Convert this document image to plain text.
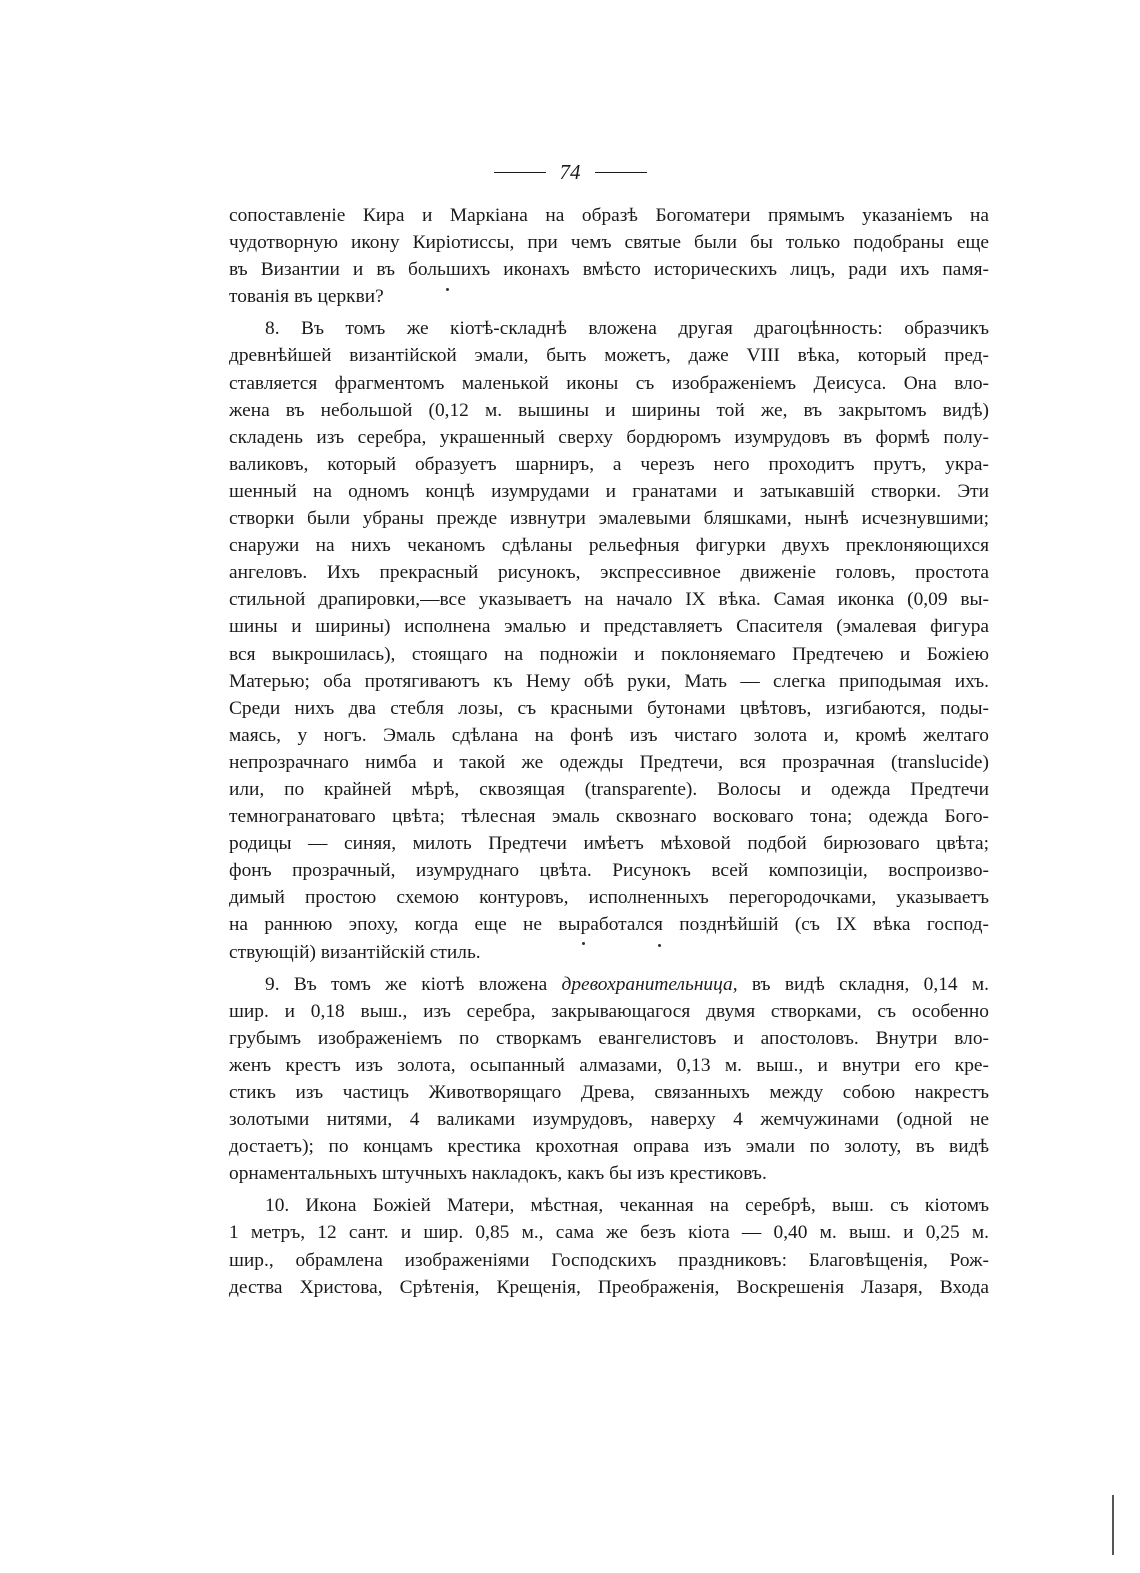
74

сопоставленіе Кира и Маркіана на образѣ Богоматери прямымъ указаніемъ на
чудотворную икону Киріотиссы, при чемъ святые были бы только подобраны еще
въ Византии и въ большихъ иконахъ вмѣсто историческихъ лицъ, ради ихъ памя-
тованія въ церкви?

8. Въ томъ же кіотѣ-складнѣ вложена другая драгоцѣнность: образчикъ
древнѣйшей византійской эмали, быть можетъ, даже VIII вѣка, который пред-
ставляется фрагментомъ маленькой иконы съ изображеніемъ Деисуса. Она вло-
жена въ небольшой (0,12 м. вышины и ширины той же, въ закрытомъ видѣ)
складень изъ серебра, украшенный сверху бордюромъ изумрудовъ въ формѣ полу-
валиковъ, который образуетъ шарниръ, а черезъ него проходитъ прутъ, укра-
шенный на одномъ концѣ изумрудами и гранатами и затыкавшій створки. Эти
створки были убраны прежде извнутри эмалевыми бляшками, нынѣ исчезнувшими;
снаружи на нихъ чеканомъ сдѣланы рельефныя фигурки двухъ преклоняющихся
ангеловъ. Ихъ прекрасный рисунокъ, экспрессивное движеніе головъ, простота
стильной драпировки,—все указываетъ на начало IX вѣка. Самая иконка (0,09 вы-
шины и ширины) исполнена эмалью и представляетъ Спасителя (эмалевая фигура
вся выкрошилась), стоящаго на подножіи и поклоняемаго Предтечею и Божіею
Матерью; оба протягиваютъ къ Нему обѣ руки, Мать — слегка приподымая ихъ.
Среди нихъ два стебля лозы, съ красными бутонами цвѣтовъ, изгибаются, поды-
маясь, у ногъ. Эмаль сдѣлана на фонѣ изъ чистаго золота и, кромѣ желтаго
непрозрачнаго нимба и такой же одежды Предтечи, вся прозрачная (translucide)
или, по крайней мѣрѣ, сквозящая (transparente). Волосы и одежда Предтечи
темногранатоваго цвѣта; тѣлесная эмаль сквознаго восковаго тона; одежда Бого-
родицы — синяя, милоть Предтечи имѣетъ мѣховой подбой бирюзоваго цвѣта;
фонъ прозрачный, изумруднаго цвѣта. Рисунокъ всей композиціи, воспроизво-
димый простою схемою контуровъ, исполненныхъ перегородочками, указываетъ
на раннюю эпоху, когда еще не выработался позднѣйшій (съ IX вѣка господ-
ствующій) византійскій стиль.

9. Въ томъ же кіотѣ вложена древохранительница, въ видѣ складня, 0,14 м.
шир. и 0,18 выш., изъ серебра, закрывающагося двумя створками, съ особенно
грубымъ изображеніемъ по створкамъ евангелистовъ и апостоловъ. Внутри вло-
женъ крестъ изъ золота, осыпанный алмазами, 0,13 м. выш., и внутри его кре-
стикъ изъ частицъ Животворящаго Древа, связанныхъ между собою накрестъ
золотыми нитями, 4 валиками изумрудовъ, наверху 4 жемчужинами (одной не
достаетъ); по концамъ крестика крохотная оправа изъ эмали по золоту, въ видѣ
орнаментальныхъ штучныхъ накладокъ, какъ бы изъ крестиковъ.

10. Икона Божіей Матери, мѣстная, чеканная на серебрѣ, выш. съ кіотомъ
1 метръ, 12 сант. и шир. 0,85 м., сама же безъ кіота — 0,40 м. выш. и 0,25 м.
шир., обрамлена изображеніями Господскихъ праздниковъ: Благовѣщенія, Рож-
дества Христова, Срѣтенія, Крещенія, Преображенія, Воскрешенія Лазаря, Входа
